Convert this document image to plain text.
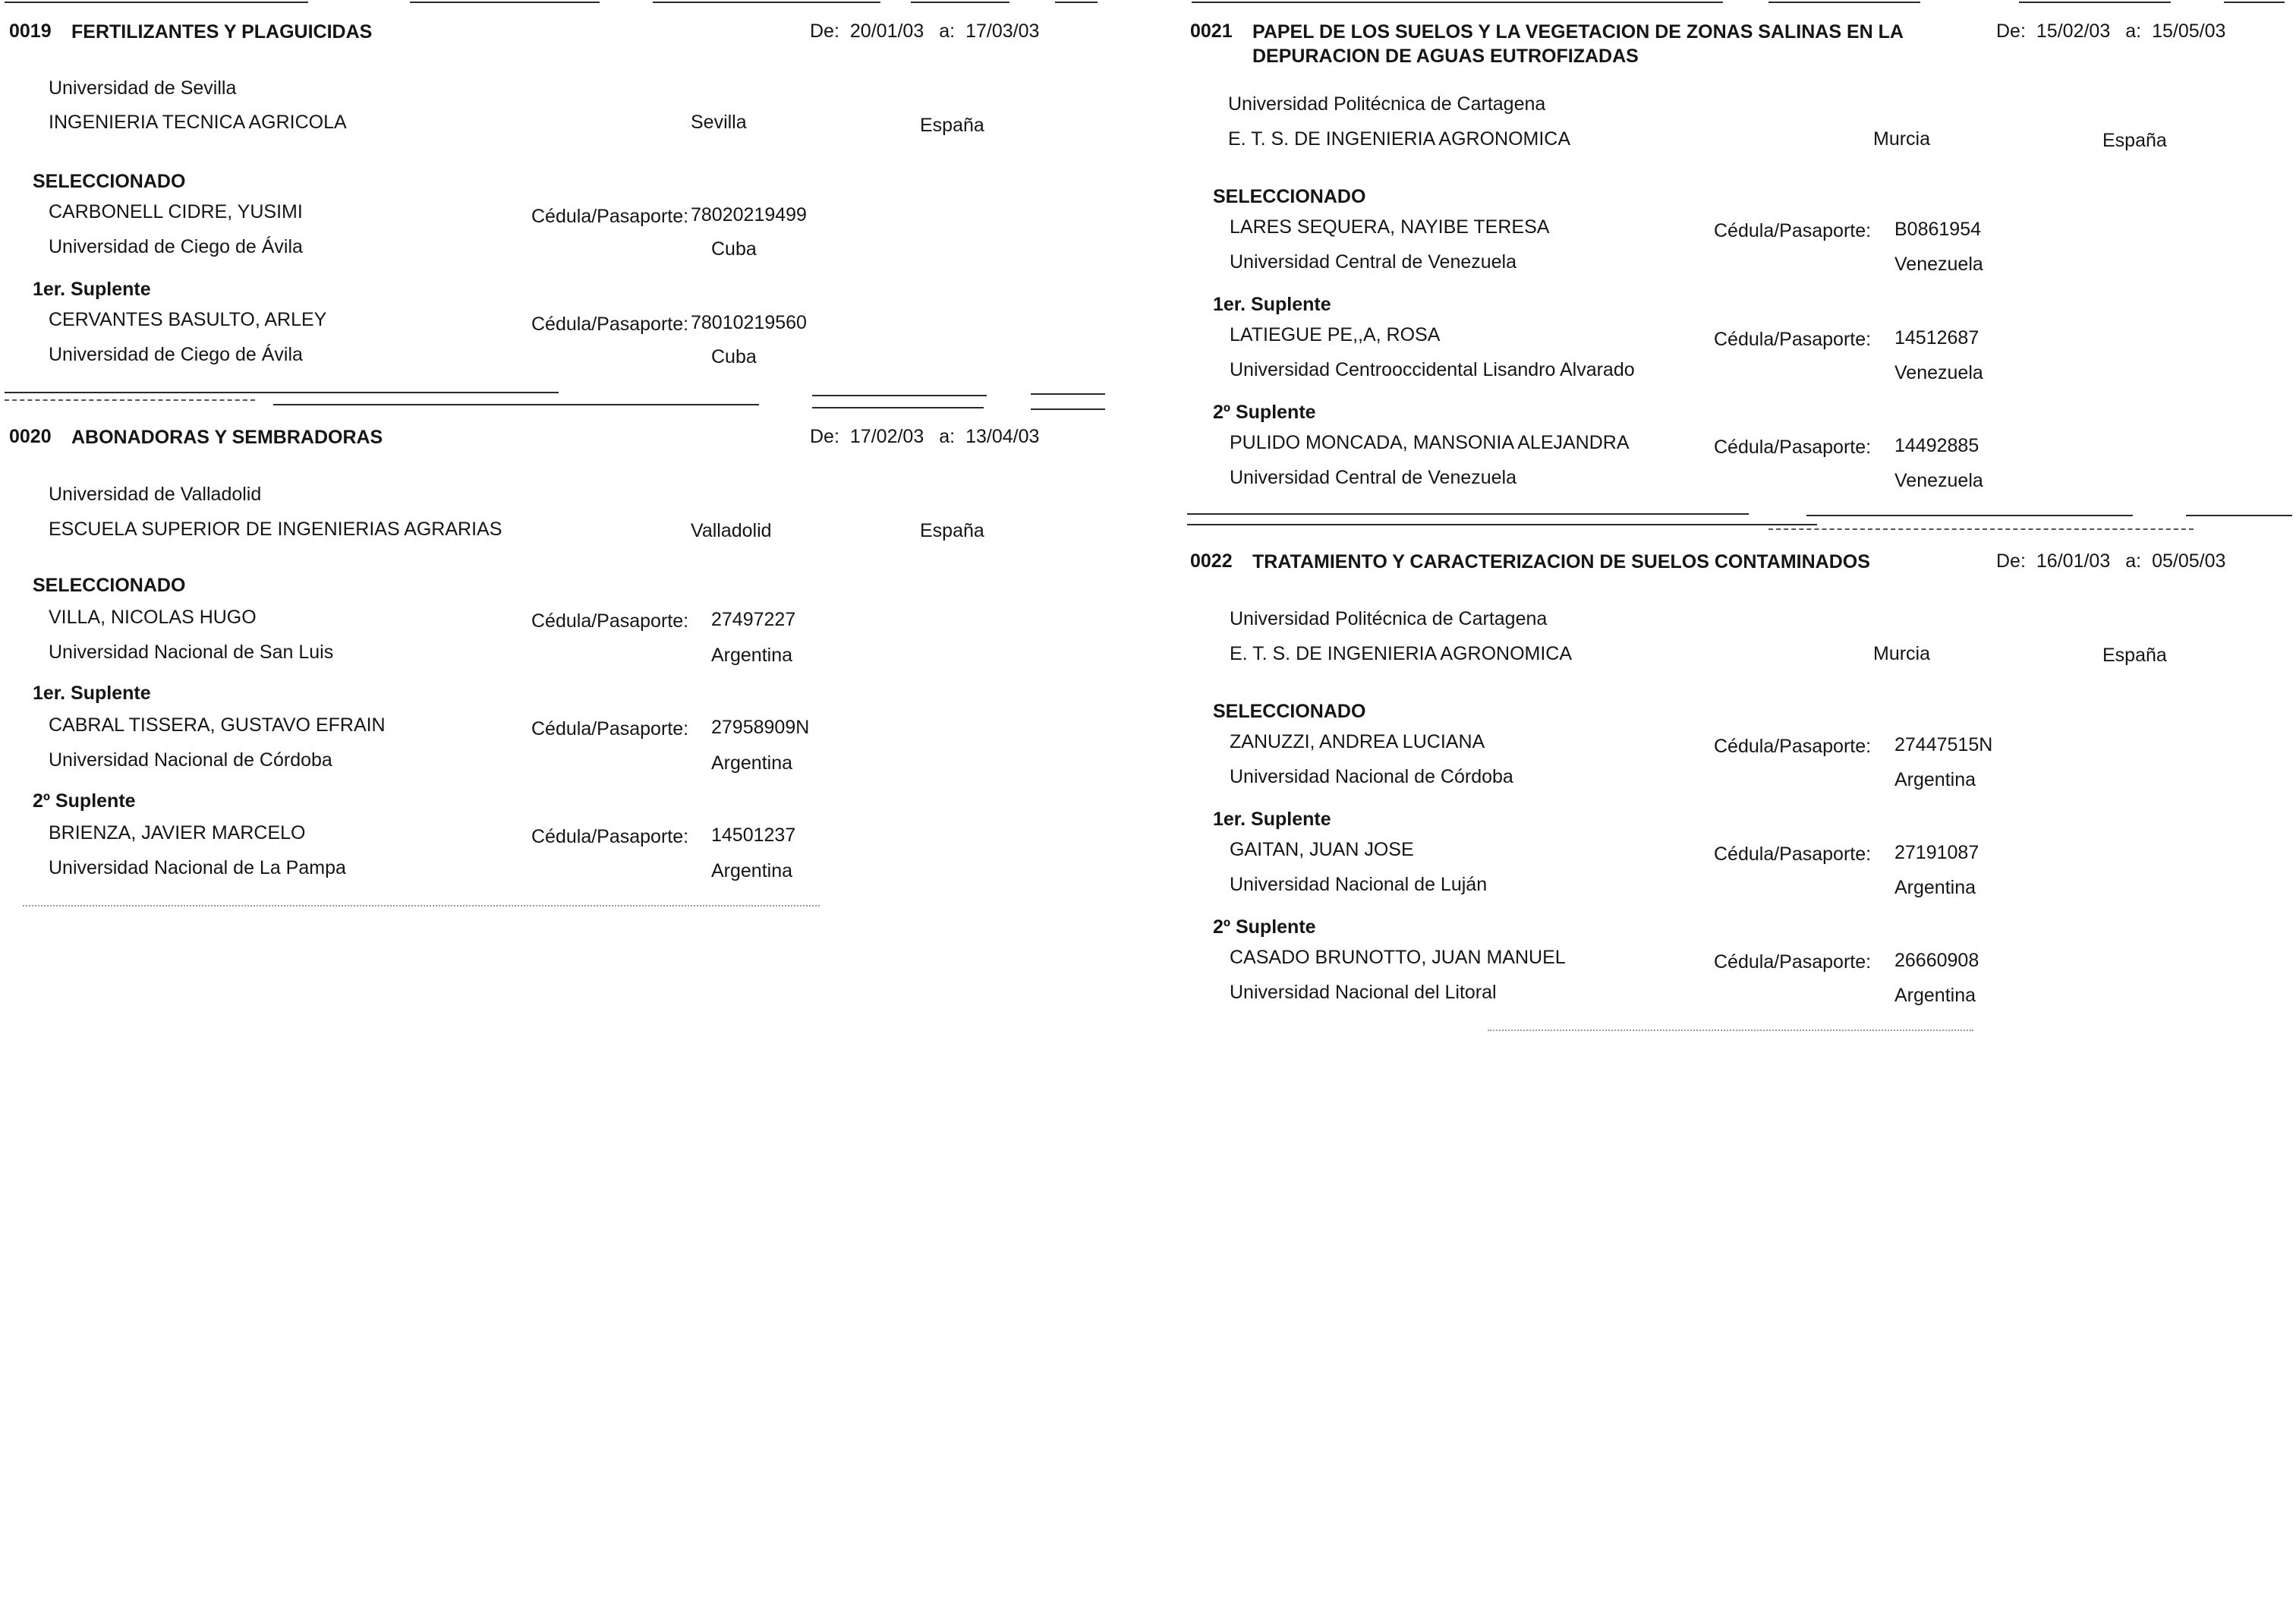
0019 FERTILIZANTES Y PLAGUICIDAS	De: 20/01/03 a: 17/03/03
Universidad de Sevilla
INGENIERIA TECNICA AGRICOLA	Sevilla	España
SELECCIONADO
CARBONELL CIDRE, YUSIMI	Cédula/Pasaporte: 78020219499
Universidad de Ciego de Ávila	Cuba
1er. Suplente
CERVANTES BASULTO, ARLEY	Cédula/Pasaporte: 78010219560
Universidad de Ciego de Ávila	Cuba
0020 ABONADORAS Y SEMBRADORAS	De: 17/02/03 a: 13/04/03
Universidad de Valladolid
ESCUELA SUPERIOR DE INGENIERIAS AGRARIAS	Valladolid	España
SELECCIONADO
VILLA, NICOLAS HUGO	Cédula/Pasaporte: 27497227
Universidad Nacional de San Luis	Argentina
1er. Suplente
CABRAL TISSERA, GUSTAVO EFRAIN	Cédula/Pasaporte: 27958909N
Universidad Nacional de Córdoba	Argentina
2º Suplente
BRIENZA, JAVIER MARCELO	Cédula/Pasaporte: 14501237
Universidad Nacional de La Pampa	Argentina
0021 PAPEL DE LOS SUELOS Y LA VEGETACION DE ZONAS SALINAS EN LA DEPURACION DE AGUAS EUTROFIZADAS
De: 15/02/03 a: 15/05/03
Universidad Politécnica de Cartagena
E. T. S. DE INGENIERIA AGRONOMICA	Murcia	España
SELECCIONADO
LARES SEQUERA, NAYIBE TERESA	Cédula/Pasaporte: B0861954
Universidad Central de Venezuela	Venezuela
1er. Suplente
LATIEGUE PE,,A, ROSA	Cédula/Pasaporte: 14512687
Universidad Centrooccidental Lisandro Alvarado	Venezuela
2º Suplente
PULIDO MONCADA, MANSONIA ALEJANDRA	Cédula/Pasaporte: 14492885
Universidad Central de Venezuela	Venezuela
0022 TRATAMIENTO Y CARACTERIZACION DE SUELOS CONTAMINADOS	De: 16/01/03 a: 05/05/03
Universidad Politécnica de Cartagena
E. T. S. DE INGENIERIA AGRONOMICA	Murcia	España
SELECCIONADO
ZANUZZI, ANDREA LUCIANA	Cédula/Pasaporte: 27447515N
Universidad Nacional de Córdoba	Argentina
1er. Suplente
GAITAN, JUAN JOSE	Cédula/Pasaporte: 27191087
Universidad Nacional de Luján	Argentina
2º Suplente
CASADO BRUNOTTO, JUAN MANUEL	Cédula/Pasaporte: 26660908
Universidad Nacional del Litoral	Argentina
